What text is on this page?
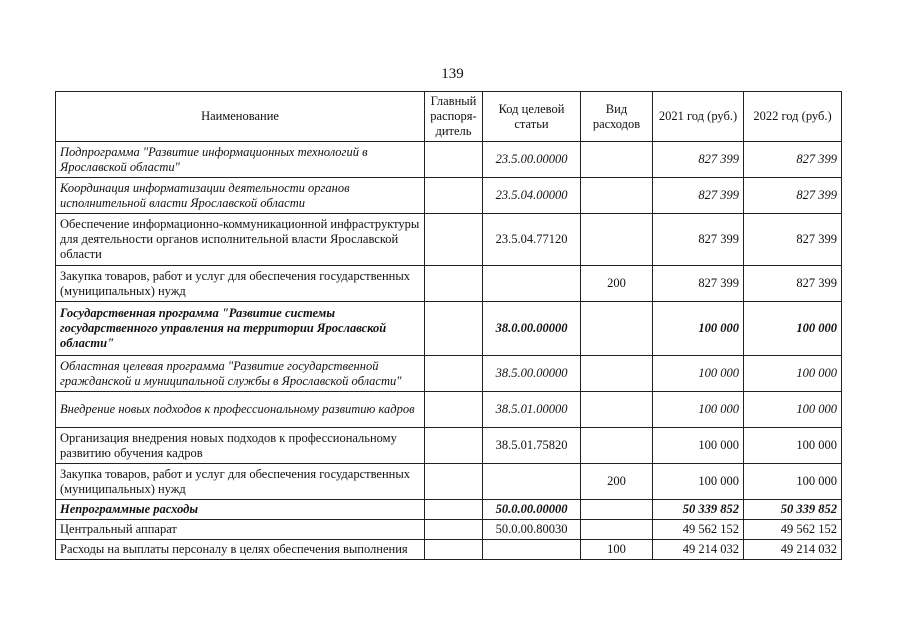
139
Наименование	Главный распоря- дитель	Код целевой статьи	Вид расходов	2021 год (руб.)	2022 год (руб.)
Подпрограмма "Развитие информационных технологий в Ярославской области"		23.5.00.00000		827 399	827 399
Координация информатизации деятельности органов исполнительной власти Ярославской области		23.5.04.00000		827 399	827 399
Обеспечение информационно-коммуникационной инфраструктуры для деятельности органов исполнительной власти Ярославской области		23.5.04.77120		827 399	827 399
Закупка товаров, работ и услуг для обеспечения государственных (муниципальных) нужд			200	827 399	827 399
Государственная программа "Развитие системы государственного управления на территории Ярославской области"		38.0.00.00000		100 000	100 000
Областная целевая программа "Развитие государственной гражданской и муниципальной службы в Ярославской области"		38.5.00.00000		100 000	100 000
Внедрение новых подходов к профессиональному развитию кадров		38.5.01.00000		100 000	100 000
Организация внедрения новых подходов к профессиональному развитию обучения кадров		38.5.01.75820		100 000	100 000
Закупка товаров, работ и услуг для обеспечения государственных (муниципальных) нужд			200	100 000	100 000
Непрограммные расходы		50.0.00.00000		50 339 852	50 339 852
Центральный аппарат		50.0.00.80030		49 562 152	49 562 152
Расходы на выплаты персоналу в целях обеспечения выполнения			100	49 214 032	49 214 032
